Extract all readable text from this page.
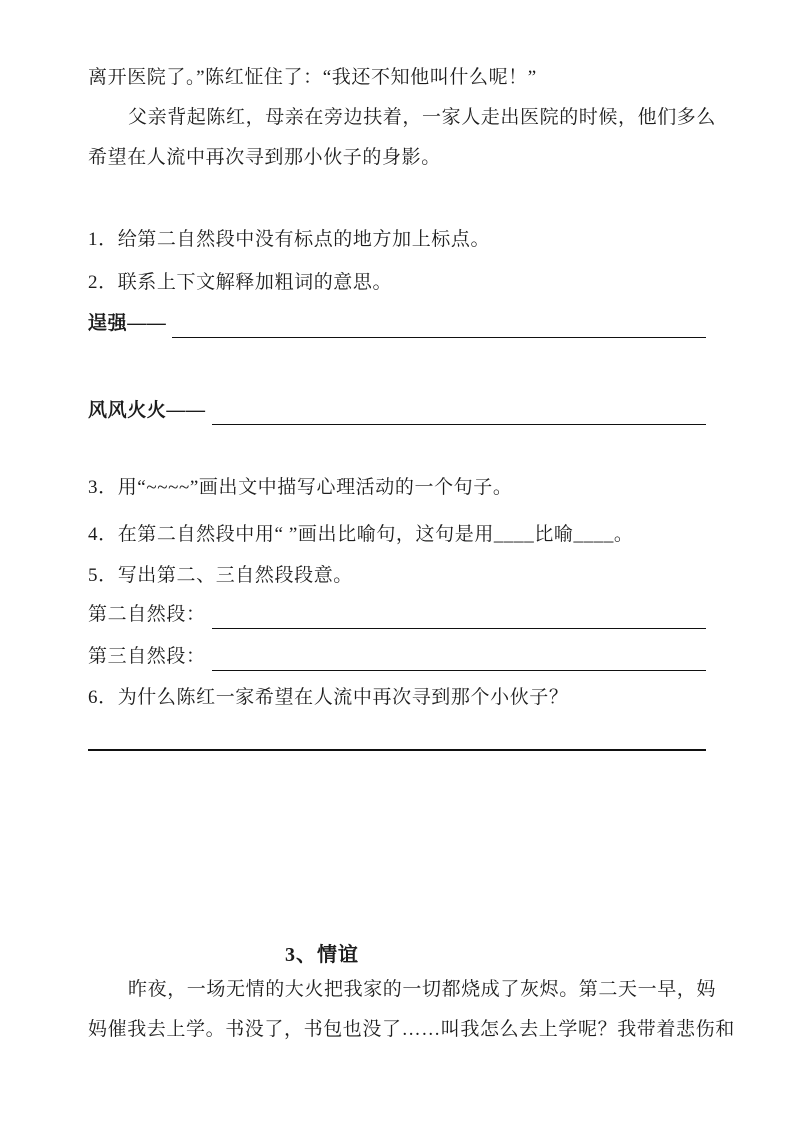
离开医院了。”陈红怔住了：“我还不知他叫什么呢！”
父亲背起陈红，母亲在旁边扶着，一家人走出医院的时候，他们多么
希望在人流中再次寻到那小伙子的身影。
1．给第二自然段中没有标点的地方加上标点。
2．联系上下文解释加粗词的意思。
逞强——
风风火火——
3．用“~~~~”画出文中描写心理活动的一个句子。
4．在第二自然段中用“ ”画出比喻句，这句是用____比喻____。
5．写出第二、三自然段段意。
第二自然段：
第三自然段：
6．为什么陈红一家希望在人流中再次寻到那个小伙子？
3、情谊
昨夜，一场无情的大火把我家的一切都烧成了灰烬。第二天一早，妈
妈催我去上学。书没了，书包也没了……叫我怎么去上学呢？我带着悲伤和
